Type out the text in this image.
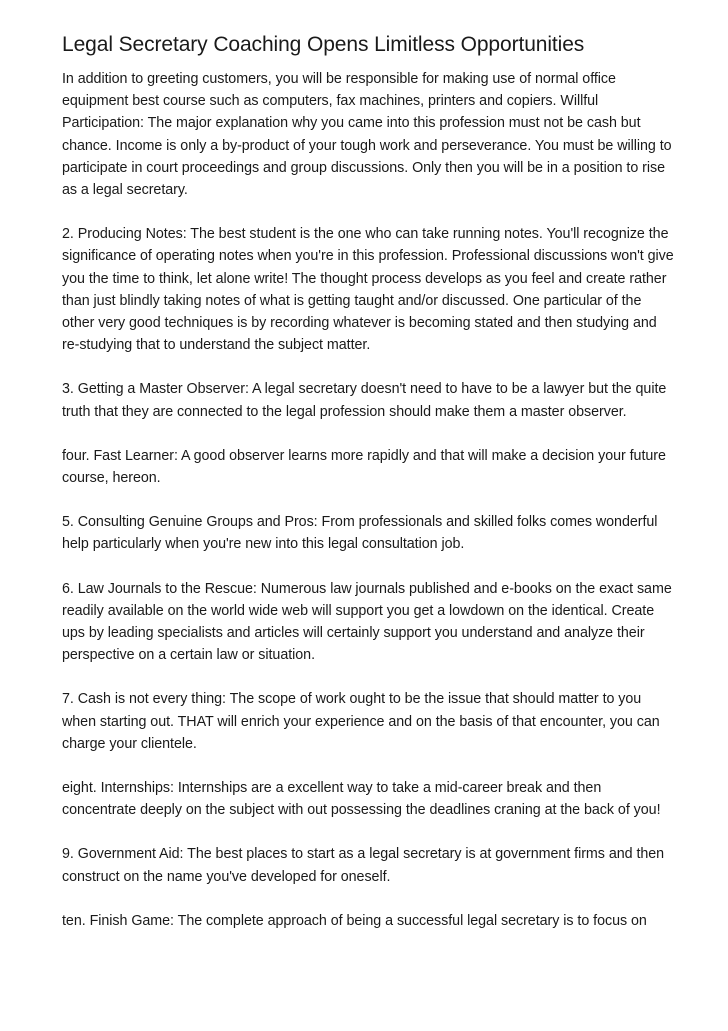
Legal Secretary Coaching Opens Limitless Opportunities

In addition to greeting customers, you will be responsible for making use of normal office equipment best course such as computers, fax machines, printers and copiers. Willful Participation: The major explanation why you came into this profession must not be cash but chance. Income is only a by-product of your tough work and perseverance. You must be willing to participate in court proceedings and group discussions. Only then you will be in a position to rise as a legal secretary.

2. Producing Notes: The best student is the one who can take running notes. You'll recognize the significance of operating notes when you're in this profession. Professional discussions won't give you the time to think, let alone write! The thought process develops as you feel and create rather than just blindly taking notes of what is getting taught and/or discussed. One particular of the other very good techniques is by recording whatever is becoming stated and then studying and re-studying that to understand the subject matter.

3. Getting a Master Observer: A legal secretary doesn't need to have to be a lawyer but the quite truth that they are connected to the legal profession should make them a master observer.

four. Fast Learner: A good observer learns more rapidly and that will make a decision your future course, hereon.

5. Consulting Genuine Groups and Pros: From professionals and skilled folks comes wonderful help particularly when you're new into this legal consultation job.

6. Law Journals to the Rescue: Numerous law journals published and e-books on the exact same readily available on the world wide web will support you get a lowdown on the identical. Create ups by leading specialists and articles will certainly support you understand and analyze their perspective on a certain law or situation.

7. Cash is not every thing: The scope of work ought to be the issue that should matter to you when starting out. THAT will enrich your experience and on the basis of that encounter, you can charge your clientele.

eight. Internships: Internships are a excellent way to take a mid-career break and then concentrate deeply on the subject with out possessing the deadlines craning at the back of you!

9. Government Aid: The best places to start as a legal secretary is at government firms and then construct on the name you've developed for oneself.

ten. Finish Game: The complete approach of being a successful legal secretary is to focus on
